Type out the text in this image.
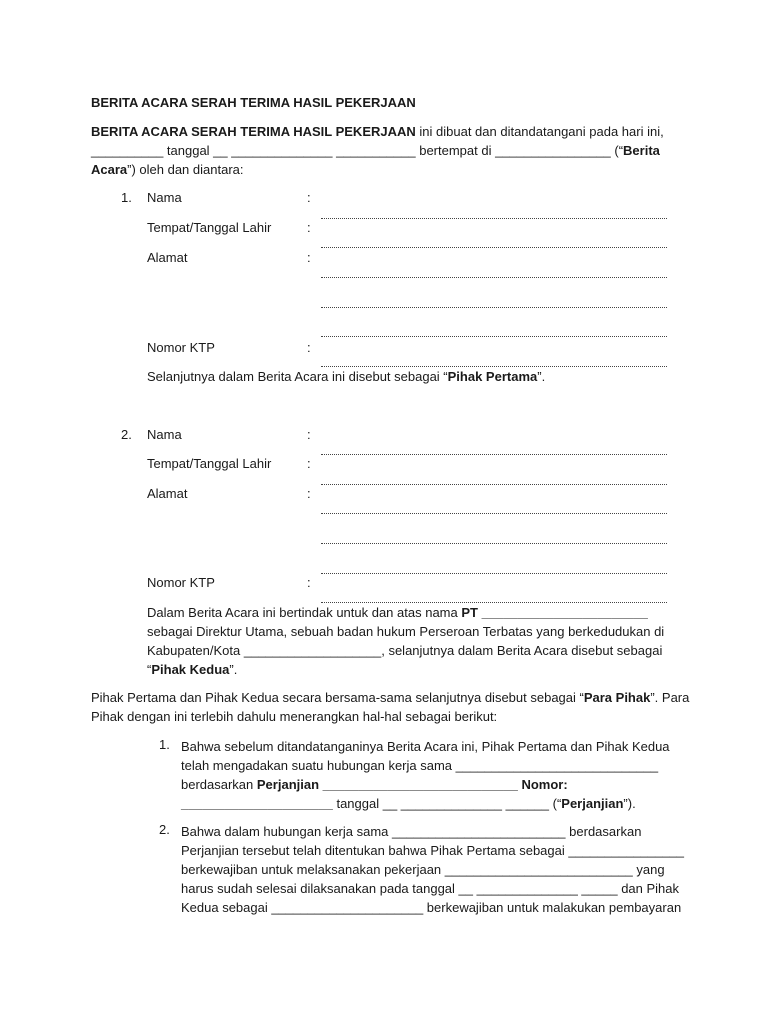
BERITA ACARA SERAH TERIMA HASIL PEKERJAAN
BERITA ACARA SERAH TERIMA HASIL PEKERJAAN ini dibuat dan ditandatangani pada hari ini,
__________ tanggal __ ______________ ___________ bertempat di ________________ (“Berita
Acara”) oleh dan diantara:
1. Nama	:
Tempat/Tanggal Lahir	:
Alamat	:
Nomor KTP	:
Selanjutnya dalam Berita Acara ini disebut sebagai “Pihak Pertama”.
2. Nama	:
Tempat/Tanggal Lahir	:
Alamat	:
Nomor KTP	:
Dalam Berita Acara ini bertindak untuk dan atas nama PT _______________________
sebagai Direktur Utama, sebuah badan hukum Perseroan Terbatas yang berkedudukan di
Kabupaten/Kota ___________________, selanjutnya dalam Berita Acara disebut sebagai
“Pihak Kedua”.
Pihak Pertama dan Pihak Kedua secara bersama-sama selanjutnya disebut sebagai “Para Pihak”. Para
Pihak dengan ini terlebih dahulu menerangkan hal-hal sebagai berikut:
1. Bahwa sebelum ditandatanganinya Berita Acara ini, Pihak Pertama dan Pihak Kedua
telah mengadakan suatu hubungan kerja sama ____________________________
berdasarkan Perjanjian ___________________________ Nomor:
_____________________ tanggal __ ______________ ______ (“Perjanjian”).
2. Bahwa dalam hubungan kerja sama ________________________ berdasarkan
Perjanjian tersebut telah ditentukan bahwa Pihak Pertama sebagai ________________
berkewajiban untuk melaksanakan pekerjaan __________________________ yang
harus sudah selesai dilaksanakan pada tanggal __ ______________ _____ dan Pihak
Kedua sebagai _____________________ berkewajiban untuk malakukan pembayaran
